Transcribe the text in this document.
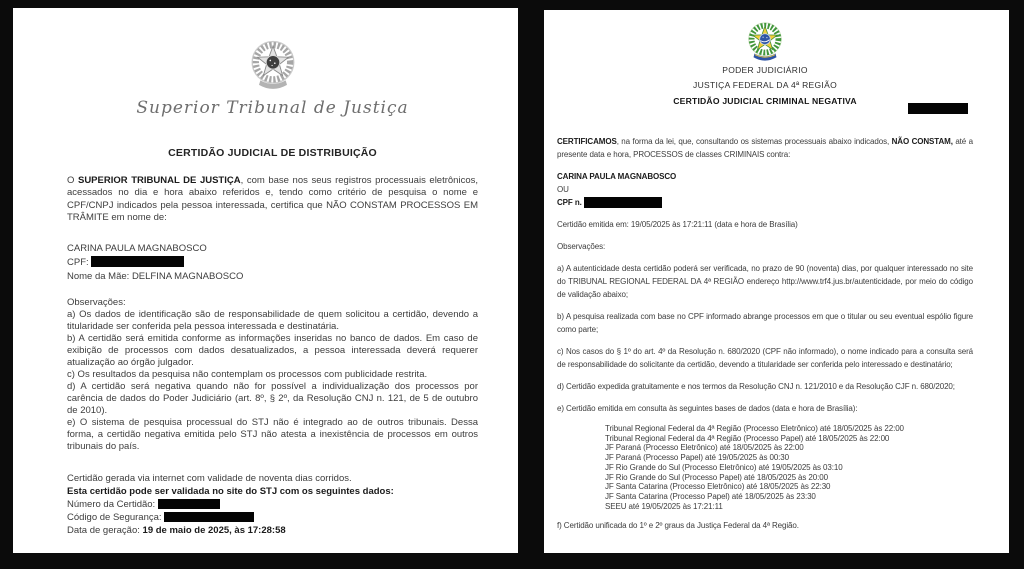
Superior Tribunal de Justiça
CERTIDÃO JUDICIAL DE DISTRIBUIÇÃO

O SUPERIOR TRIBUNAL DE JUSTIÇA, com base nos seus registros processuais eletrônicos, acessados no dia e hora abaixo referidos e, tendo como critério de pesquisa o nome e CPF/CNPJ indicados pela pessoa interessada, certifica que NÃO CONSTAM PROCESSOS EM TRÂMITE em nome de:

CARINA PAULA MAGNABOSCO
CPF:
Nome da Mãe: DELFINA MAGNABOSCO
Observações:

a) Os dados de identificação são de responsabilidade de quem solicitou a certidão, devendo a titularidade ser conferida pela pessoa interessada e destinatária.

b) A certidão será emitida conforme as informações inseridas no banco de dados. Em caso de exibição de processos com dados desatualizados, a pessoa interessada deverá requerer atualização ao órgão julgador.

c) Os resultados da pesquisa não contemplam os processos com publicidade restrita.

d) A certidão será negativa quando não for possível a individualização dos processos por carência de dados do Poder Judiciário (art. 8º, § 2º, da Resolução CNJ n. 121, de 5 de outubro de 2010).

e) O sistema de pesquisa processual do STJ não é integrado ao de outros tribunais. Dessa forma, a certidão negativa emitida pelo STJ não atesta a inexistência de processos em outros tribunais do país.

Certidão gerada via internet com validade de noventa dias corridos.
Esta certidão pode ser validada no site do STJ com os seguintes dados:
Número da Certidão:
Código de Segurança:
Data de geração: 19 de maio de 2025, às 17:28:58
PODER JUDICIÁRIO
JUSTIÇA FEDERAL DA 4ª REGIÃO
CERTIDÃO JUDICIAL CRIMINAL NEGATIVA

CERTIFICAMOS, na forma da lei, que, consultando os sistemas processuais abaixo indicados, NÃO CONSTAM, até a presente data e hora, PROCESSOS de classes CRIMINAIS contra:

CARINA PAULA MAGNABOSCO
OU
CPF n.

Certidão emitida em: 19/05/2025 às 17:21:11 (data e hora de Brasília)

Observações:

a) A autenticidade desta certidão poderá ser verificada, no prazo de 90 (noventa) dias, por qualquer interessado no site do TRIBUNAL REGIONAL FEDERAL DA 4ª REGIÃO endereço http://www.trf4.jus.br/autenticidade, por meio do código de validação abaixo;

b) A pesquisa realizada com base no CPF informado abrange processos em que o titular ou seu eventual espólio figure como parte;

c) Nos casos do § 1º do art. 4º da Resolução n. 680/2020 (CPF não informado), o nome indicado para a consulta será de responsabilidade do solicitante da certidão, devendo a titularidade ser conferida pelo interessado e destinatário;

d) Certidão expedida gratuitamente e nos termos da Resolução CNJ n. 121/2010 e da Resolução CJF n. 680/2020;

e) Certidão emitida em consulta às seguintes bases de dados (data e hora de Brasília):

Tribunal Regional Federal da 4ª Região (Processo Eletrônico) até 18/05/2025 às 22:00
Tribunal Regional Federal da 4ª Região (Processo Papel) até 18/05/2025 às 22:00
JF Paraná (Processo Eletrônico) até 18/05/2025 às 22:00
JF Paraná (Processo Papel) até 19/05/2025 às 00:30
JF Rio Grande do Sul (Processo Eletrônico) até 19/05/2025 às 03:10
JF Rio Grande do Sul (Processo Papel) até 18/05/2025 às 20:00
JF Santa Catarina (Processo Eletrônico) até 18/05/2025 às 22:30
JF Santa Catarina (Processo Papel) até 18/05/2025 às 23:30
SEEU até 19/05/2025 às 17:21:11

f) Certidão unificada do 1º e 2º graus da Justiça Federal da 4ª Região.
